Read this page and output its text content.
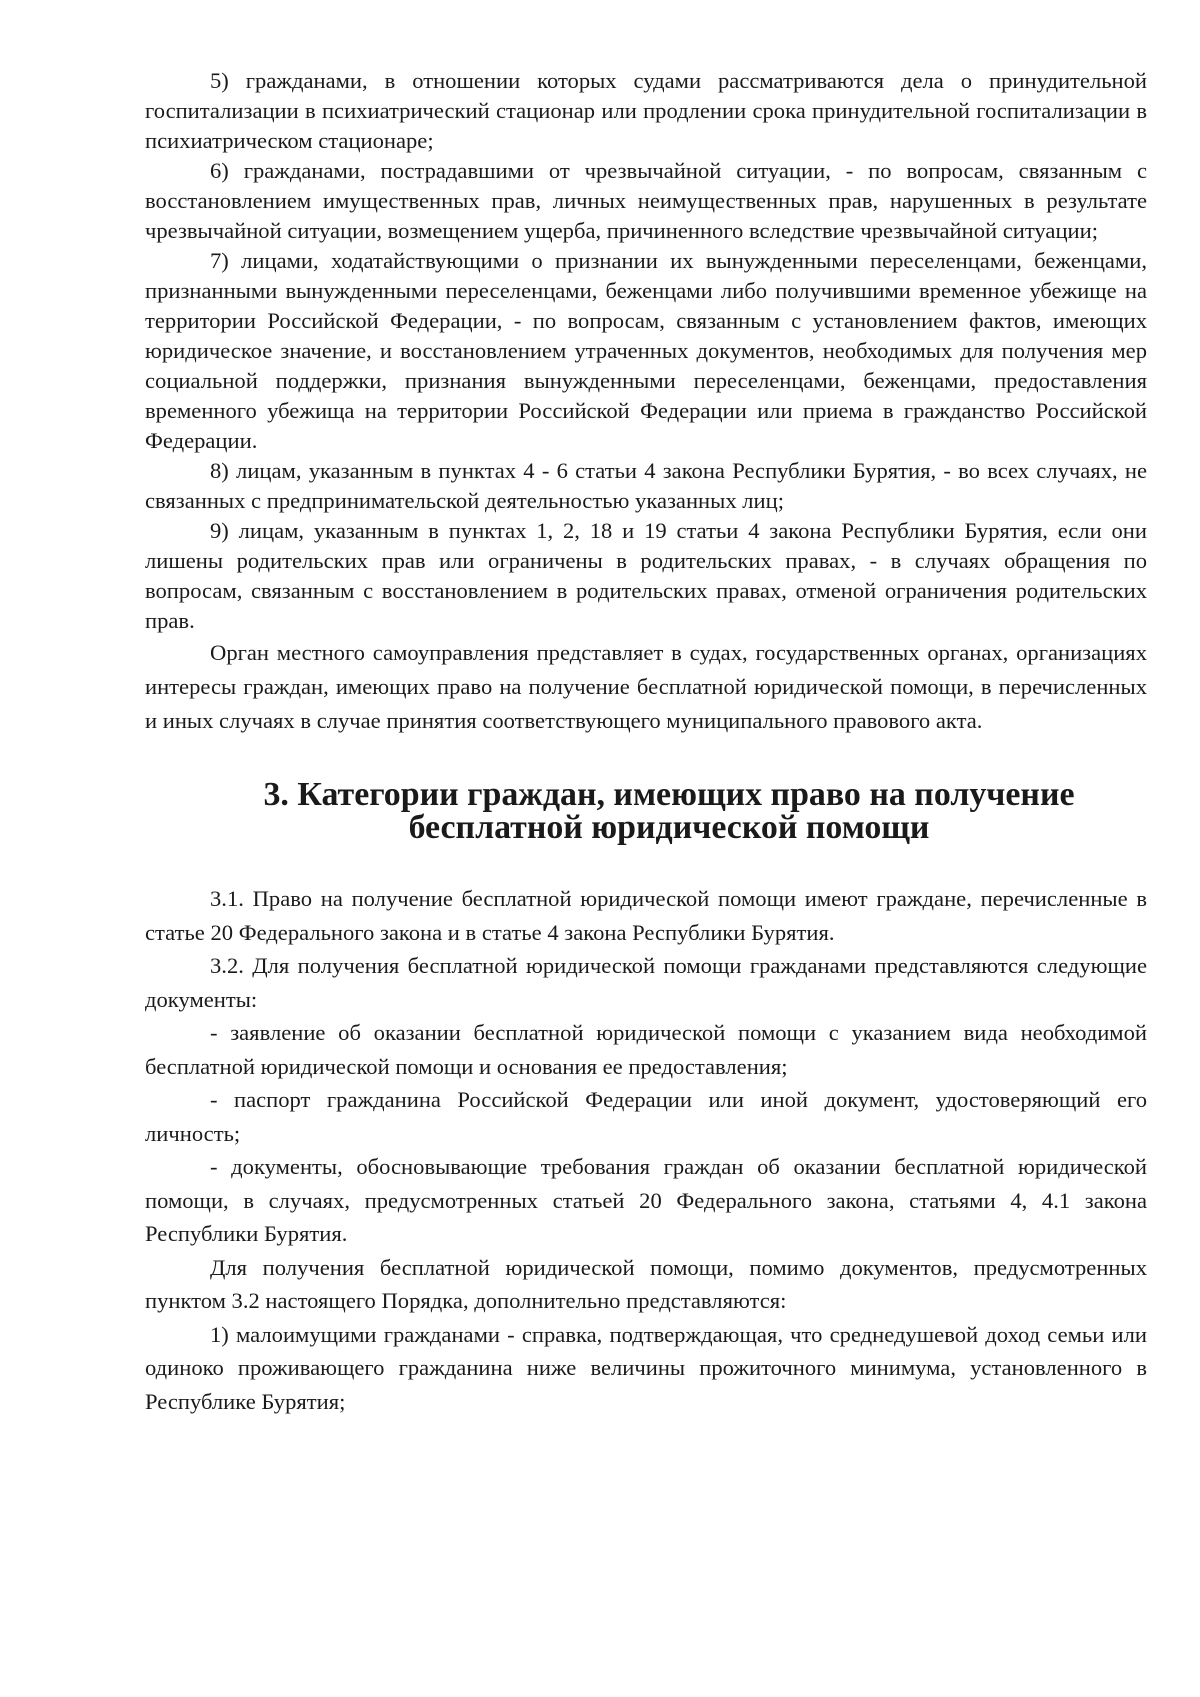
5) гражданами, в отношении которых судами рассматриваются дела о принудительной госпитализации в психиатрический стационар или продлении срока принудительной госпитализации в психиатрическом стационаре;

6) гражданами, пострадавшими от чрезвычайной ситуации, - по вопросам, связанным с восстановлением имущественных прав, личных неимущественных прав, нарушенных в результате чрезвычайной ситуации, возмещением ущерба, причиненного вследствие чрезвычайной ситуации;

7) лицами, ходатайствующими о признании их вынужденными переселенцами, беженцами, признанными вынужденными переселенцами, беженцами либо получившими временное убежище на территории Российской Федерации, - по вопросам, связанным с установлением фактов, имеющих юридическое значение, и восстановлением утраченных документов, необходимых для получения мер социальной поддержки, признания вынужденными переселенцами, беженцами, предоставления временного убежища на территории Российской Федерации или приема в гражданство Российской Федерации.

8) лицам, указанным в пунктах 4 - 6 статьи 4 закона Республики Бурятия, - во всех случаях, не связанных с предпринимательской деятельностью указанных лиц;

9) лицам, указанным в пунктах 1, 2, 18 и 19 статьи 4 закона Республики Бурятия, если они лишены родительских прав или ограничены в родительских правах, - в случаях обращения по вопросам, связанным с восстановлением в родительских правах, отменой ограничения родительских прав.

Орган местного самоуправления представляет в судах, государственных органах, организациях интересы граждан, имеющих право на получение бесплатной юридической помощи, в перечисленных и иных случаях в случае принятия соответствующего муниципального правового акта.

3. Категории граждан, имеющих право на получение бесплатной юридической помощи

3.1. Право на получение бесплатной юридической помощи имеют граждане, перечисленные в статье 20 Федерального закона и в статье 4 закона Республики Бурятия.

3.2. Для получения бесплатной юридической помощи гражданами представляются следующие документы:

- заявление об оказании бесплатной юридической помощи с указанием вида необходимой бесплатной юридической помощи и основания ее предоставления;

- паспорт гражданина Российской Федерации или иной документ, удостоверяющий его личность;

- документы, обосновывающие требования граждан об оказании бесплатной юридической помощи, в случаях, предусмотренных статьей 20 Федерального закона, статьями 4, 4.1 закона Республики Бурятия.

Для получения бесплатной юридической помощи, помимо документов, предусмотренных пунктом 3.2 настоящего Порядка, дополнительно представляются:

1) малоимущими гражданами - справка, подтверждающая, что среднедушевой доход семьи или одиноко проживающего гражданина ниже величины прожиточного минимума, установленного в Республике Бурятия;
